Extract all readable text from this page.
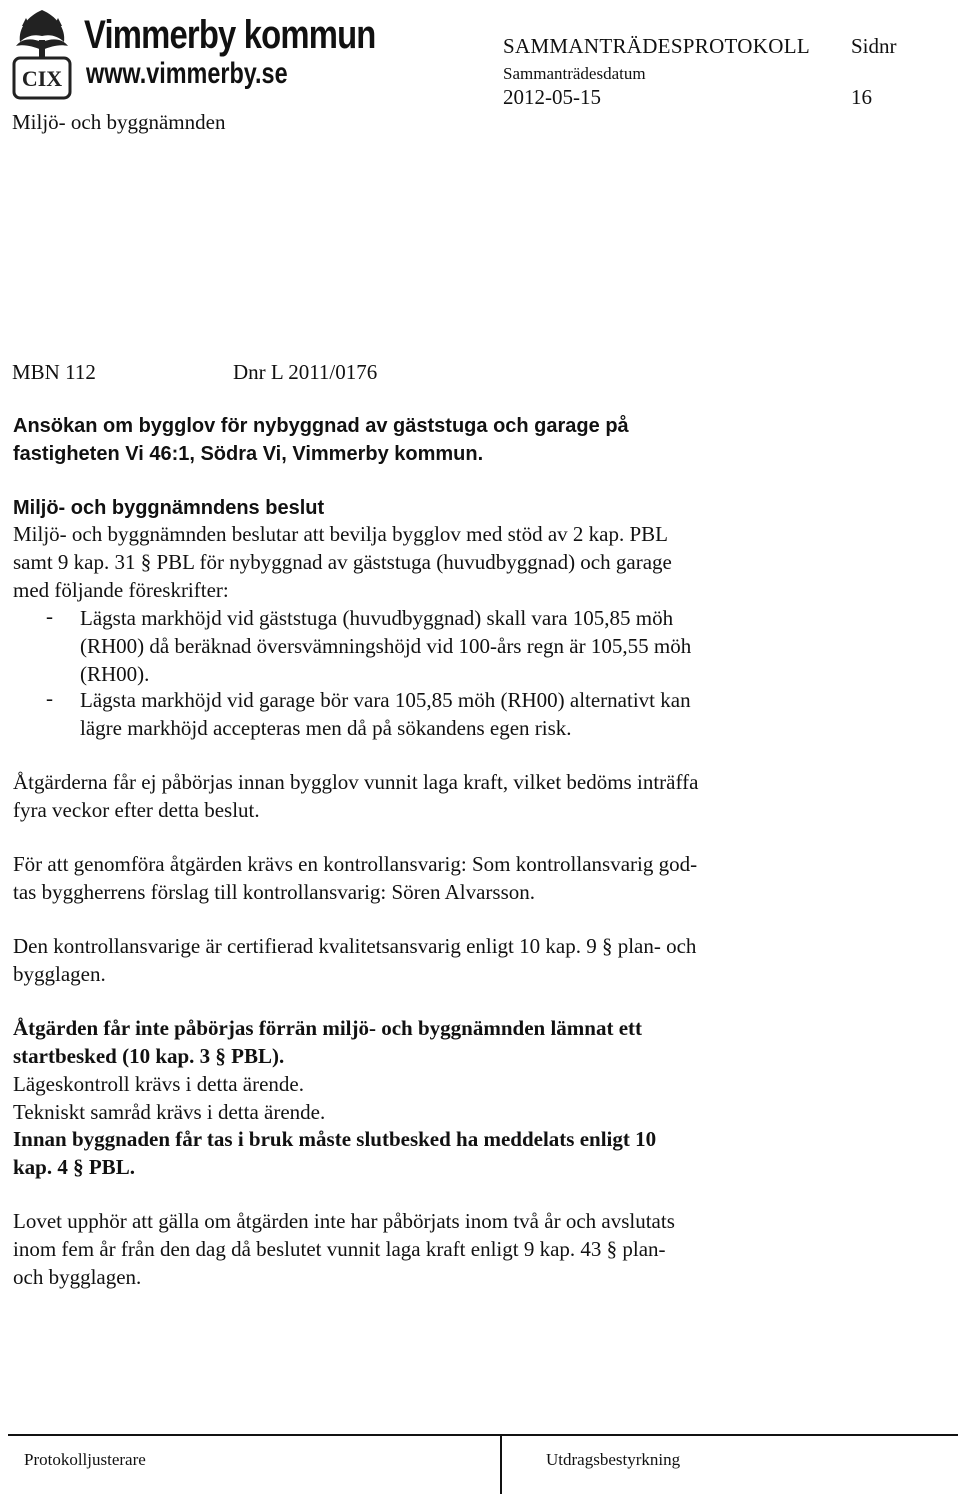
CIX
Vimmerby kommun
www.vimmerby.se
Miljö- och byggnämnden
SAMMANTRÄDESPROTOKOLL Sidnr
Sammanträdesdatum
2012-05-15	16
MBN 112	Dnr L 2011/0176
Ansökan om bygglov för nybyggnad av gäststuga och garage på
fastigheten Vi 46:1, Södra Vi, Vimmerby kommun.
Miljö- och byggnämndens beslut
Miljö- och byggnämnden beslutar att bevilja bygglov med stöd av 2 kap. PBL
samt 9 kap. 31 § PBL för nybyggnad av gäststuga (huvudbyggnad) och garage
med följande föreskrifter:
- Lägsta markhöjd vid gäststuga (huvudbyggnad) skall vara 105,85 möh
(RH00) då beräknad översvämningshöjd vid 100-års regn är 105,55 möh
(RH00).
- Lägsta markhöjd vid garage bör vara 105,85 möh (RH00) alternativt kan
lägre markhöjd accepteras men då på sökandens egen risk.
Åtgärderna får ej påbörjas innan bygglov vunnit laga kraft, vilket bedöms inträffa
fyra veckor efter detta beslut.
För att genomföra åtgärden krävs en kontrollansvarig: Som kontrollansvarig god-
tas byggherrens förslag till kontrollansvarig: Sören Alvarsson.
Den kontrollansvarige är certifierad kvalitetsansvarig enligt 10 kap. 9 § plan- och
bygglagen.
Åtgärden får inte påbörjas förrän miljö- och byggnämnden lämnat ett
startbesked (10 kap. 3 § PBL).
Lägeskontroll krävs i detta ärende.
Tekniskt samråd krävs i detta ärende.
Innan byggnaden får tas i bruk måste slutbesked ha meddelats enligt 10
kap. 4 § PBL.
Lovet upphör att gälla om åtgärden inte har påbörjats inom två år och avslutats
inom fem år från den dag då beslutet vunnit laga kraft enligt 9 kap. 43 § plan-
och bygglagen.
Protokolljusterare	Utdragsbestyrkning
